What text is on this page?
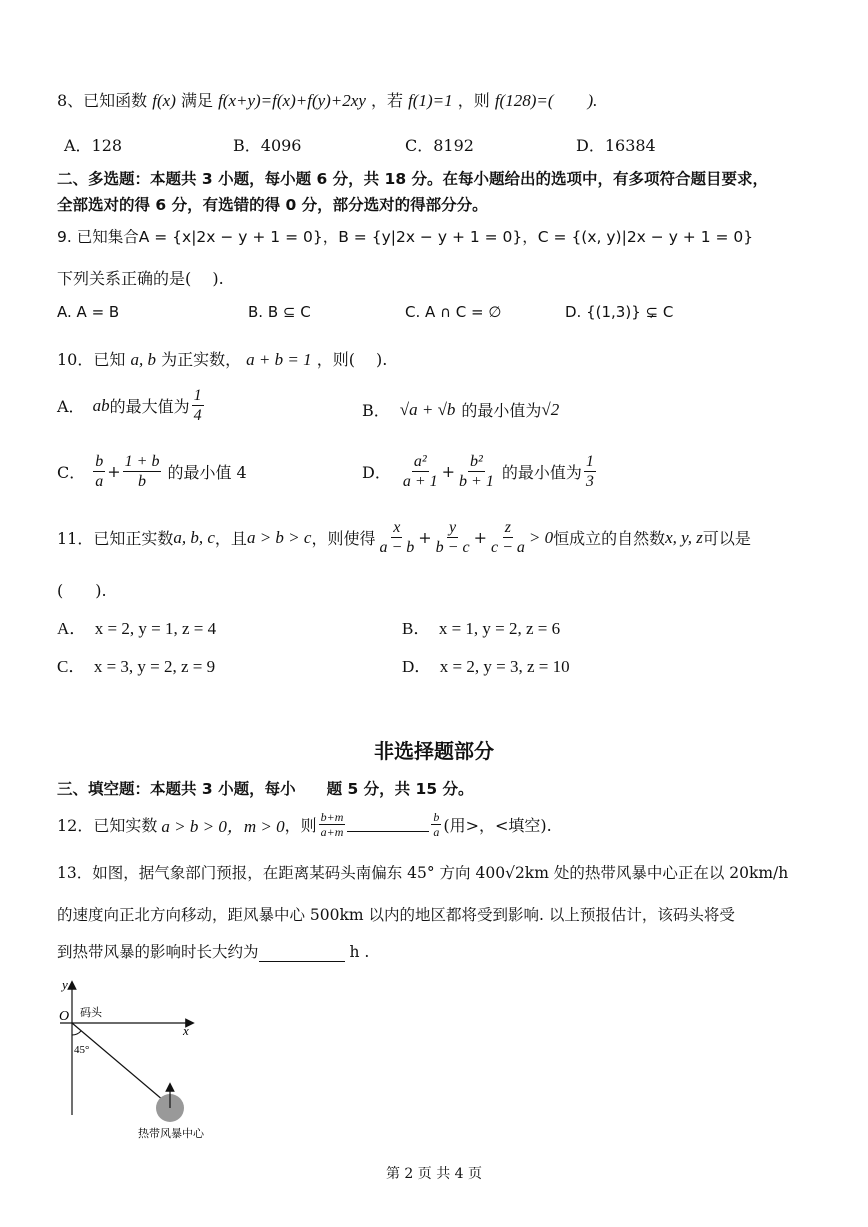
8、已知函数 f(x) 满足 f(x+y)=f(x)+f(y)+2xy ，若 f(1)=1 ，则 f(128)=(　　).
A．128	B．4096	C．8192	D．16384
二、多选题：本题共 3 小题，每小题 6 分，共 18 分。在每小题给出的选项中，有多项符合题目要求，
全部选对的得 6 分，有选错的得 0 分，部分选对的得部分分。
9. 已知集合A = {x|2x − y + 1 = 0}，B = {y|2x − y + 1 = 0}，C = {(x, y)|2x − y + 1 = 0}
下列关系正确的是(　 ).
A. A = B	B. B ⊆ C	C. A ∩ C = ∅	D. {(1,3)} ⊊ C
10．已知 a, b 为正实数， a + b = 1 ，则(　 ).
A． ab 的最大值为 $\frac{1}{4}$	B． √a + √b 的最小值为 √2
C． $\frac{b}{a} + \frac{1 + b}{b}$ 的最小值 4	D． $\frac{\text{a²}}{a + 1} + \frac{\text{b²}}{b + 1}$ 的最小值为 $\frac{1}{3}$
11．已知正实数 a, b, c ，且 a > b > c ，则使得 $\frac{x}{a - b} + \frac{y}{b - c} + \frac{z}{c - a} > 0$ 恒成立的自然数 x, y, z 可以是
(　　).
A．　x = 2, y = 1, z = 4	B．　x = 1, y = 2, z = 6
C．　x = 3, y = 2, z = 9	D．　x = 2, y = 3, z = 10
非选择题部分
三、填空题：本题共 3 小题，每小　　题 5 分，共 15 分。
12．已知实数 a > b > 0，m > 0 ，则 $\frac{b+m}{a+m}$	$\frac{b}{a}$ (用>，<填空).
13．如图，据气象部门预报，在距离某码头南偏东 45° 方向 400√2km 处的热带风暴中心正在以 20km/h
的速度向正北方向移动，距风暴中心 500km 以内的地区都将受到影响. 以上预报估计，该码头将受
到热带风暴的影响时长大约为	h .
y
x
O 码头
45°
热带风暴中心
第 2 页 共 4 页
